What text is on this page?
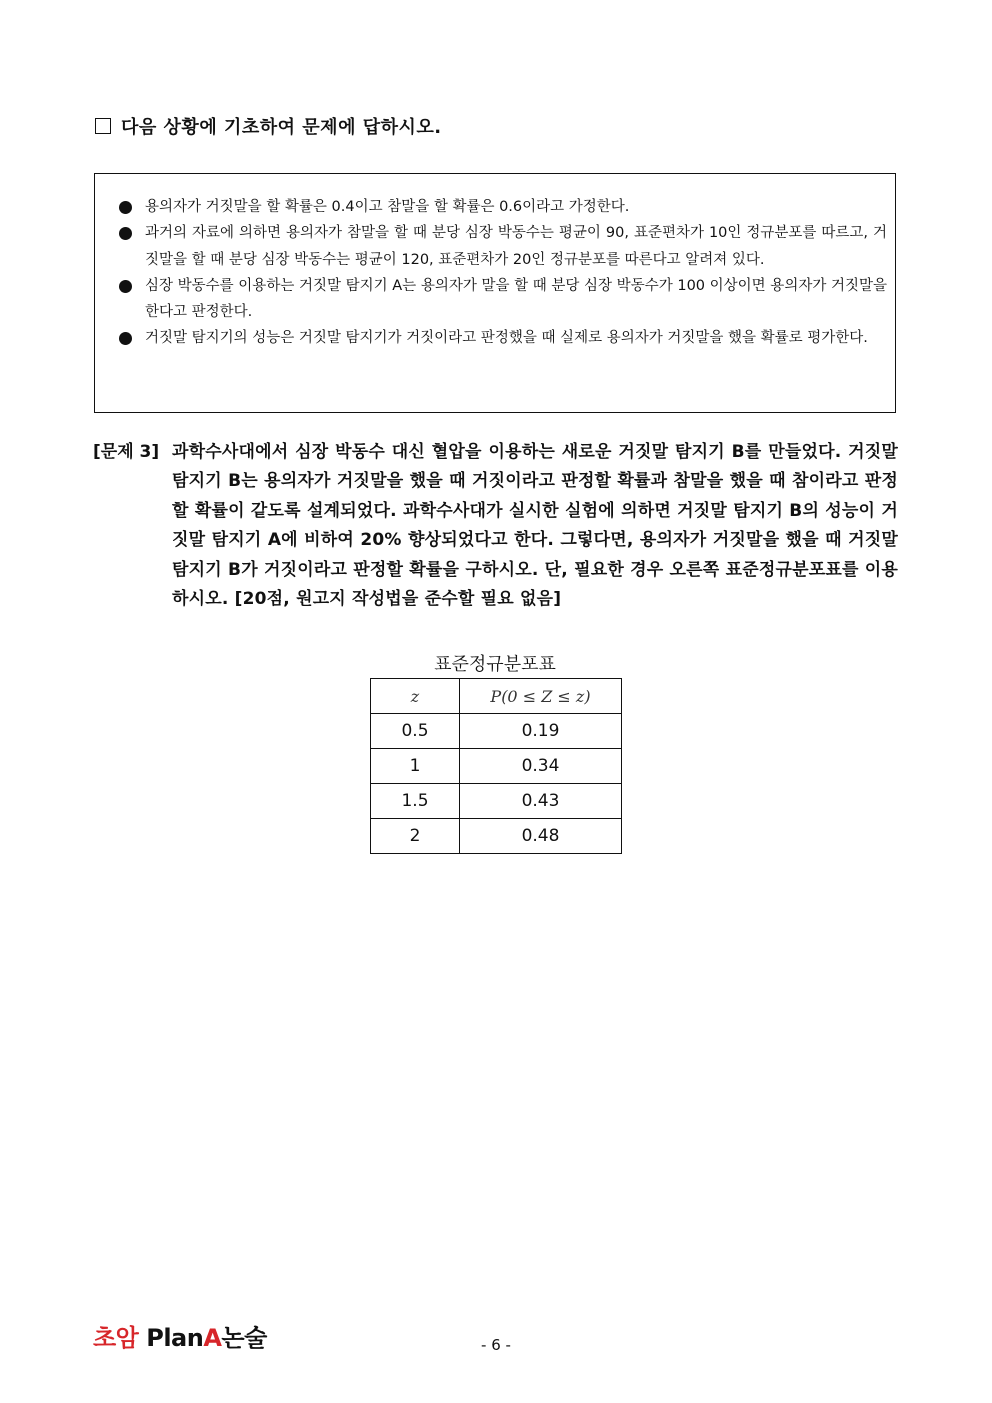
다음 상황에 기초하여 문제에 답하시오.
용의자가 거짓말을 할 확률은 0.4이고 참말을 할 확률은 0.6이라고 가정한다.
과거의 자료에 의하면 용의자가 참말을 할 때 분당 심장 박동수는 평균이 90, 표준편차가 10인 정규분포를 따르고, 거짓말을 할 때 분당 심장 박동수는 평균이 120, 표준편차가 20인 정규분포를 따른다고 알려져 있다.
심장 박동수를 이용하는 거짓말 탐지기 A는 용의자가 말을 할 때 분당 심장 박동수가 100 이상이면 용의자가 거짓말을 한다고 판정한다.
거짓말 탐지기의 성능은 거짓말 탐지기가 거짓이라고 판정했을 때 실제로 용의자가 거짓말을 했을 확률로 평가한다.
[문제 3] 과학수사대에서 심장 박동수 대신 혈압을 이용하는 새로운 거짓말 탐지기 B를 만들었다. 거짓말 탐지기 B는 용의자가 거짓말을 했을 때 거짓이라고 판정할 확률과 참말을 했을 때 참이라고 판정할 확률이 같도록 설계되었다. 과학수사대가 실시한 실험에 의하면 거짓말 탐지기 B의 성능이 거짓말 탐지기 A에 비하여 20% 향상되었다고 한다. 그렇다면, 용의자가 거짓말을 했을 때 거짓말 탐지기 B가 거짓이라고 판정할 확률을 구하시오. 단, 필요한 경우 오른쪽 표준정규분포표를 이용하시오. [20점, 원고지 작성법을 준수할 필요 없음]
표준정규분포표
z	P(0 ≤ Z ≤ z)
0.5	0.19
1	0.34
1.5	0.43
2	0.48
초암 PlanA논술	- 6 -
